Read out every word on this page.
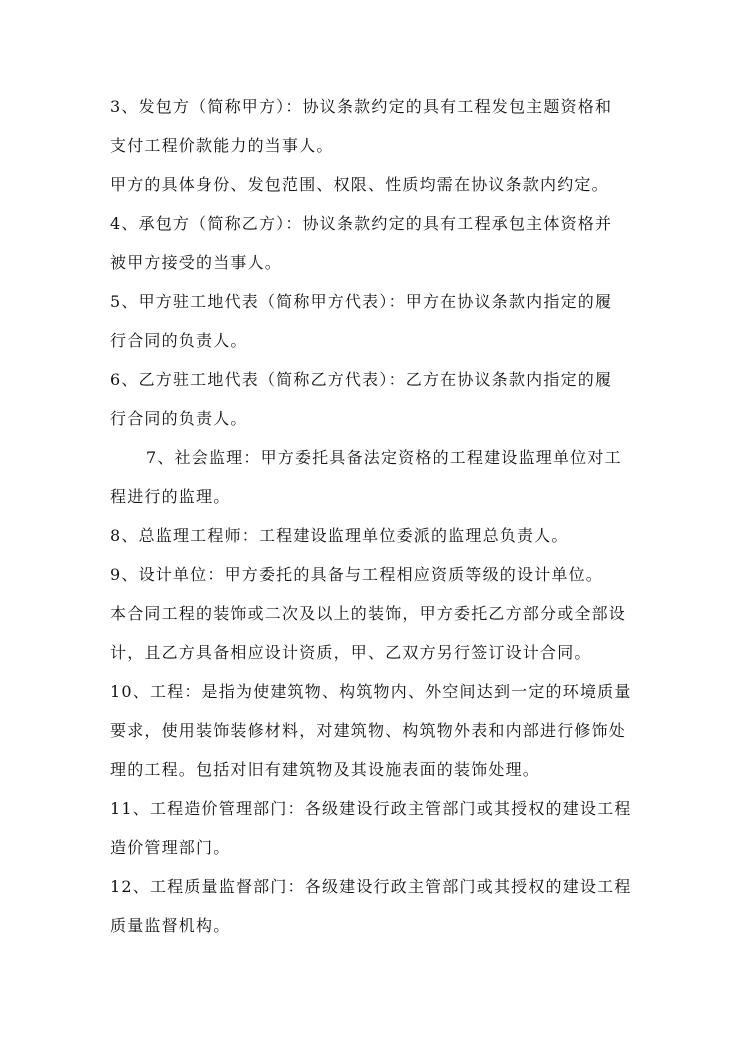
3、发包方（简称甲方）：协议条款约定的具有工程发包主题资格和
支付工程价款能力的当事人。
甲方的具体身份、发包范围、权限、性质均需在协议条款内约定。
4、承包方（简称乙方）：协议条款约定的具有工程承包主体资格并
被甲方接受的当事人。
5、甲方驻工地代表（简称甲方代表）：甲方在协议条款内指定的履
行合同的负责人。
6、乙方驻工地代表（简称乙方代表）：乙方在协议条款内指定的履
行合同的负责人。
7、社会监理：甲方委托具备法定资格的工程建设监理单位对工
程进行的监理。
8、总监理工程师：工程建设监理单位委派的监理总负责人。
9、设计单位：甲方委托的具备与工程相应资质等级的设计单位。
本合同工程的装饰或二次及以上的装饰，甲方委托乙方部分或全部设
计，且乙方具备相应设计资质，甲、乙双方另行签订设计合同。
10、工程：是指为使建筑物、构筑物内、外空间达到一定的环境质量
要求，使用装饰装修材料，对建筑物、构筑物外表和内部进行修饰处
理的工程。包括对旧有建筑物及其设施表面的装饰处理。
11、工程造价管理部门：各级建设行政主管部门或其授权的建设工程
造价管理部门。
12、工程质量监督部门：各级建设行政主管部门或其授权的建设工程
质量监督机构。
